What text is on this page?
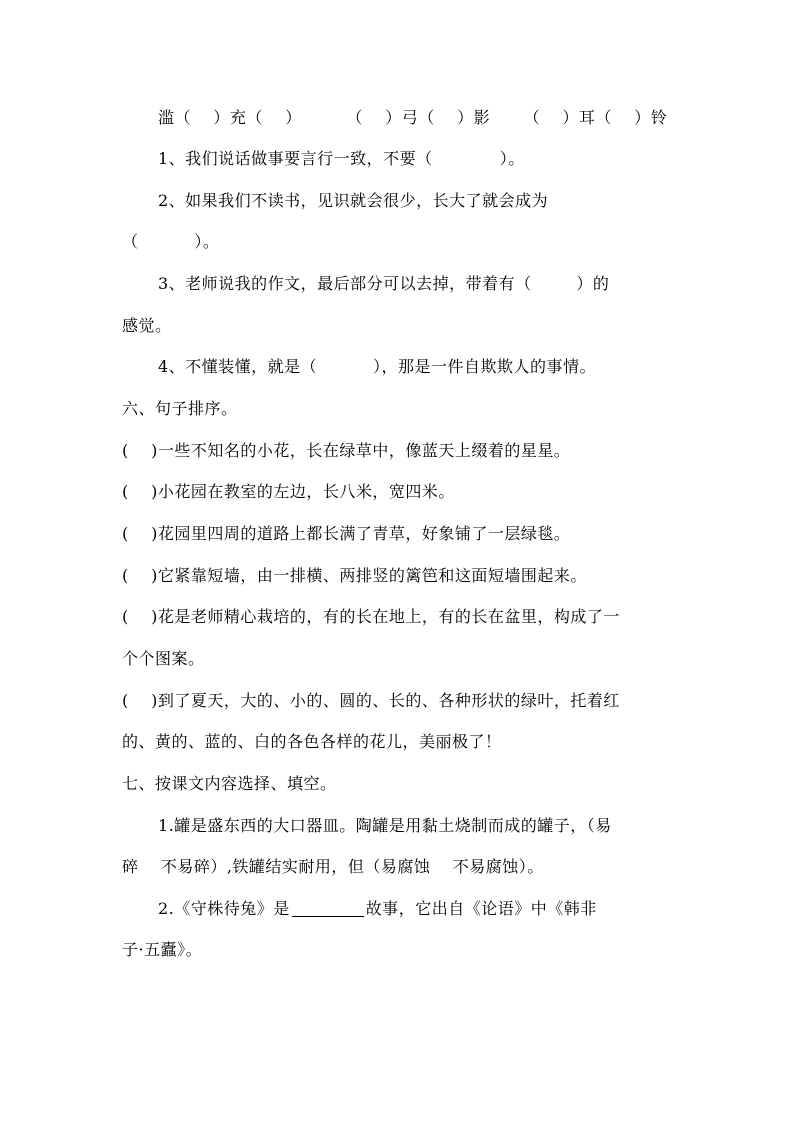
滥（    ）充（    ）        （    ）弓（    ）影      （    ）耳（    ）铃
1、我们说话做事要言行一致，不要（            ）。
2、如果我们不读书，见识就会很少，长大了就会成为
（          ）。
3、老师说我的作文，最后部分可以去掉，带着有（        ）的
感觉。
4、不懂装懂，就是（          ），那是一件自欺欺人的事情。
六、句子排序。
(    )一些不知名的小花，长在绿草中，像蓝天上缀着的星星。
(    )小花园在教室的左边，长八米，宽四米。
(    )花园里四周的道路上都长满了青草，好象铺了一层绿毯。
(    )它紧靠短墙，由一排横、两排竖的篱笆和这面短墙围起来。
(    )花是老师精心栽培的，有的长在地上，有的长在盆里，构成了一
个个图案。
(    )到了夏天，大的、小的、圆的、长的、各种形状的绿叶，托着红
的、黄的、蓝的、白的各色各样的花儿，美丽极了！
七、按课文内容选择、填空。
1.罐是盛东西的大口器皿。陶罐是用黏土烧制而成的罐子，（易
碎    不易碎）,铁罐结实耐用，但（易腐蚀    不易腐蚀）。
2.《守株待兔》是	故事，它出自《论语》中《韩非
子·五蠹》。
